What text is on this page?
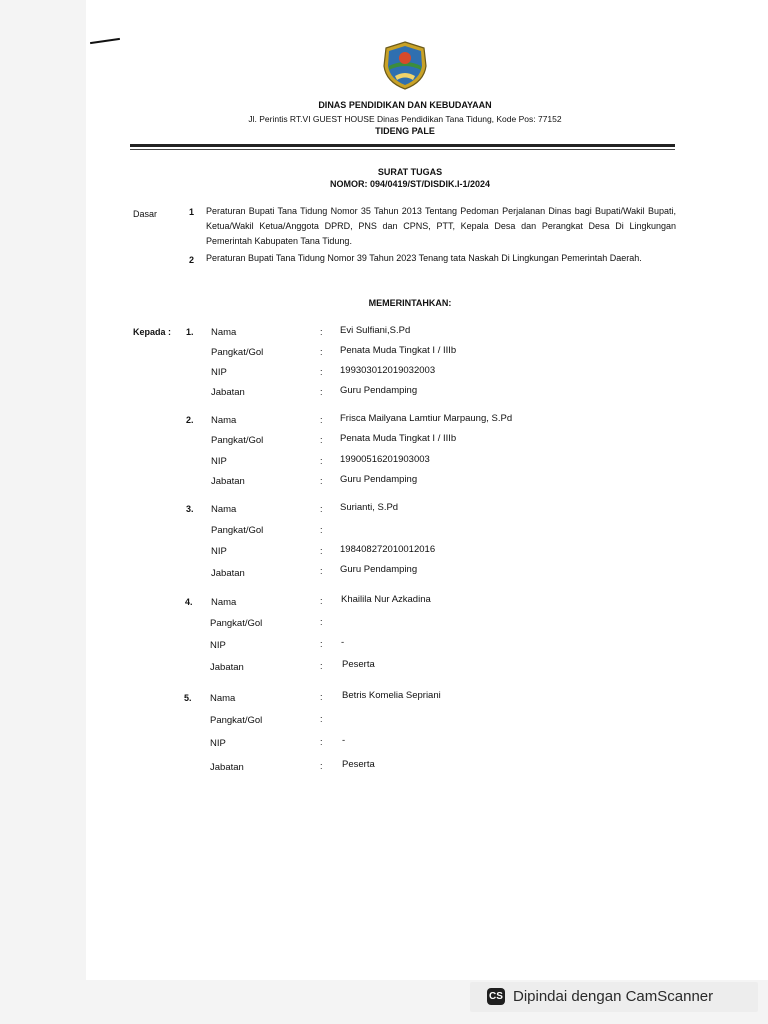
DINAS PENDIDIKAN DAN KEBUDAYAAN
Jl. Perintis RT.VI GUEST HOUSE Dinas Pendidikan Tana Tidung, Kode Pos: 77152
TIDENG PALE
SURAT TUGAS
NOMOR: 094/0419/ST/DISDIK.I-1/2024
Dasar	1 Peraturan Bupati Tana Tidung Nomor 35 Tahun 2013 Tentang Pedoman Perjalanan Dinas bagi Bupati/Wakil Bupati, Ketua/Wakil Ketua/Anggota DPRD, PNS dan CPNS, PTT, Kepala Desa dan Perangkat Desa Di Lingkungan Pemerintah Kabupaten Tana Tidung.
2 Peraturan Bupati Tana Tidung Nomor 39 Tahun 2023 Tenang tata Naskah Di Lingkungan Pemerintah Daerah.
MEMERINTAHKAN:
Kepada : 1. Nama	: Evi Sulfiani,S.Pd
Pangkat/Gol	: Penata Muda Tingkat I / IIIb
NIP	: 199303012019032003
Jabatan	: Guru Pendamping
2. Nama	: Frisca Mailyana Lamtiur Marpaung, S.Pd
Pangkat/Gol	: Penata Muda Tingkat I / IIIb
NIP	: 19900516201903003
Jabatan	: Guru Pendamping
3. Nama	: Surianti, S.Pd
Pangkat/Gol	:
NIP	: 198408272010012016
Jabatan	: Guru Pendamping
4. Nama	: Khailila Nur Azkadina
Pangkat/Gol	:
NIP	: -
Jabatan	: Peserta
5. Nama	: Betris Komelia Sepriani
Pangkat/Gol	:
NIP	: -
Jabatan	: Peserta
CS Dipindai dengan CamScanner
